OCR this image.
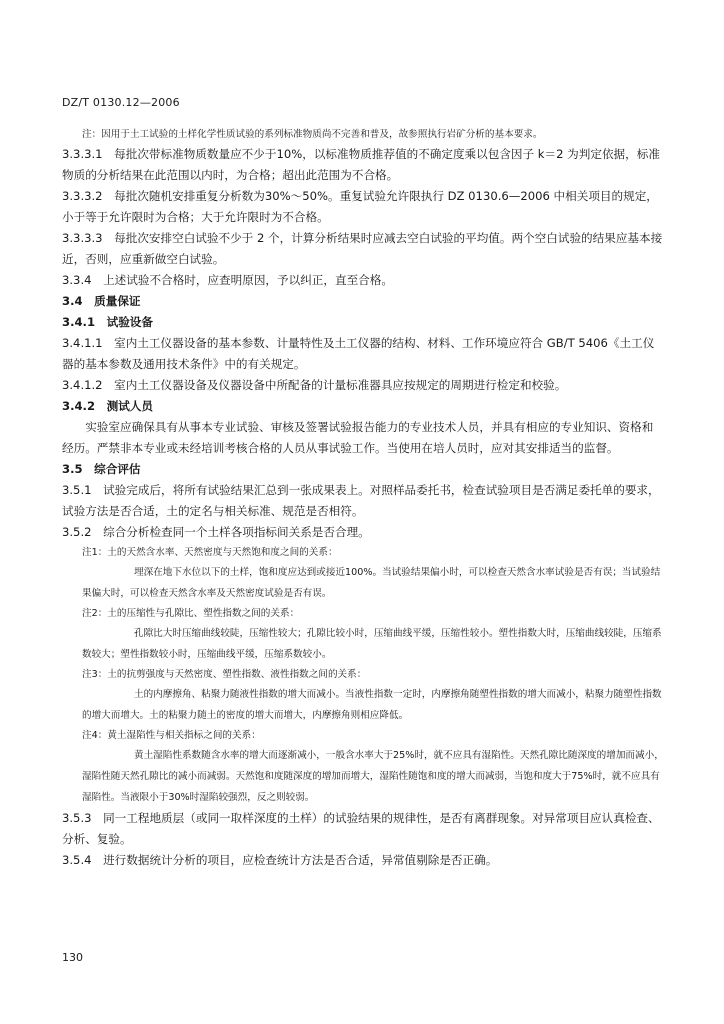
DZ/T 0130.12—2006

注：因用于土工试验的土样化学性质试验的系列标准物质尚不完善和普及，故参照执行岩矿分析的基本要求。

3.3.3.1　每批次带标准物质数量应不少于10%，以标准物质推荐值的不确定度乘以包含因子 k＝2 为判定依据，标准物质的分析结果在此范围以内时，为合格；超出此范围为不合格。

3.3.3.2　每批次随机安排重复分析数为30%～50%。重复试验允许限执行 DZ 0130.6—2006 中相关项目的规定，小于等于允许限时为合格；大于允许限时为不合格。

3.3.3.3　每批次安排空白试验不少于 2 个，计算分析结果时应减去空白试验的平均值。两个空白试验的结果应基本接近，否则，应重新做空白试验。

3.3.4　上述试验不合格时，应查明原因，予以纠正，直至合格。

3.4　质量保证

3.4.1　试验设备

3.4.1.1　室内土工仪器设备的基本参数、计量特性及土工仪器的结构、材料、工作环境应符合 GB/T 5406《土工仪器的基本参数及通用技术条件》中的有关规定。

3.4.1.2　室内土工仪器设备及仪器设备中所配备的计量标准器具应按规定的周期进行检定和校验。

3.4.2　测试人员

实验室应确保具有从事本专业试验、审核及签署试验报告能力的专业技术人员，并具有相应的专业知识、资格和经历。严禁非本专业或未经培训考核合格的人员从事试验工作。当使用在培人员时，应对其安排适当的监督。

3.5　综合评估

3.5.1　试验完成后，将所有试验结果汇总到一张成果表上。对照样品委托书，检查试验项目是否满足委托单的要求，试验方法是否合适，土的定名与相关标准、规范是否相符。

3.5.2　综合分析检查同一个土样各项指标间关系是否合理。

注1：土的天然含水率、天然密度与天然饱和度之间的关系：

埋深在地下水位以下的土样，饱和度应达到或接近100%。当试验结果偏小时，可以检查天然含水率试验是否有误；当试验结果偏大时，可以检查天然含水率及天然密度试验是否有误。

注2：土的压缩性与孔隙比、塑性指数之间的关系：

孔隙比大时压缩曲线较陡，压缩性较大；孔隙比较小时，压缩曲线平缓，压缩性较小。塑性指数大时，压缩曲线较陡，压缩系数较大；塑性指数较小时，压缩曲线平缓，压缩系数较小。

注3：土的抗剪强度与天然密度、塑性指数、液性指数之间的关系：

土的内摩擦角、粘聚力随液性指数的增大而减小。当液性指数一定时，内摩擦角随塑性指数的增大而减小，粘聚力随塑性指数的增大而增大。土的粘聚力随土的密度的增大而增大，内摩擦角则相应降低。

注4：黄土湿陷性与相关指标之间的关系：

黄土湿陷性系数随含水率的增大而逐渐减小，一般含水率大于25%时，就不应具有湿陷性。天然孔隙比随深度的增加而减小，湿陷性随天然孔隙比的减小而减弱。天然饱和度随深度的增加而增大，湿陷性随饱和度的增大而减弱，当饱和度大于75%时，就不应具有湿陷性。当液限小于30%时湿陷较强烈，反之则较弱。

3.5.3　同一工程地质层（或同一取样深度的土样）的试验结果的规律性，是否有离群现象。对异常项目应认真检查、分析、复验。

3.5.4　进行数据统计分析的项目，应检查统计方法是否合适，异常值剔除是否正确。

130
